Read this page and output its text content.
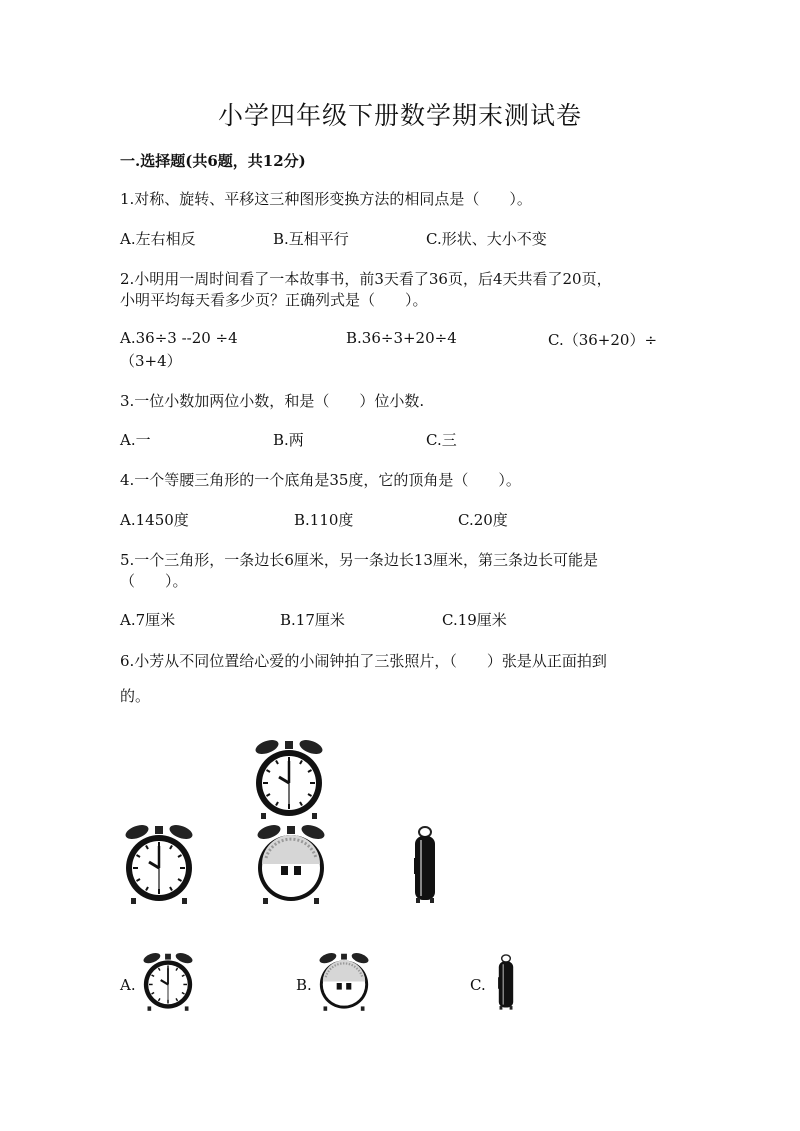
小学四年级下册数学期末测试卷
一.选择题(共6题，共12分)
1.对称、旋转、平移这三种图形变换方法的相同点是（　　）。
A.左右相反	B.互相平行	C.形状、大小不变
2.小明用一周时间看了一本故事书，前3天看了36页，后4天共看了20页，
小明平均每天看多少页？正确列式是（　　）。
A.36÷3 --20 ÷4	B.36÷3+20÷4	C.（36+20）÷
（3+4）
3.一位小数加两位小数，和是（　　）位小数.
A.一	B.两	C.三
4.一个等腰三角形的一个底角是35度，它的顶角是（　　）。
A.1450度	B.110度	C.20度
5.一个三角形，一条边长6厘米，另一条边长13厘米，第三条边长可能是
（　　）。
A.7厘米	B.17厘米	C.19厘米
6.小芳从不同位置给心爱的小闹钟拍了三张照片，（　　）张是从正面拍到
的。
A.	B.	C.
